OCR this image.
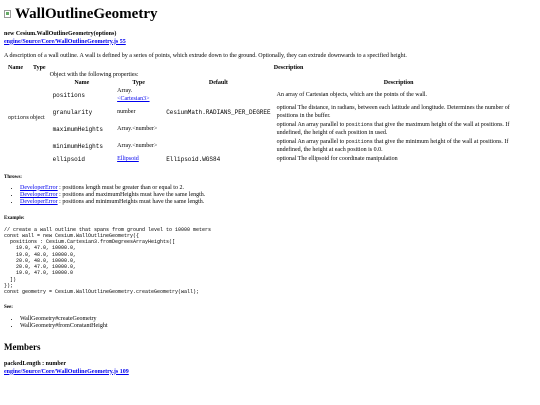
WallOutlineGeometry
new Cesium.WallOutlineGeometry(options)
engine/Source/Core/WallOutlineGeometry.js 55

A description of a wall outline. A wall is defined by a series of points, which extrude down to the ground. Optionally, they can extrude downwards to a specified height.

Name	Type	Description
options	object	
Object with the following properties:
Name	Type	Default	Description
positions	Array.
<Cartesian3>		An array of Cartesian objects, which are the points of the wall.
granularity	number	CesiumMath.RADIANS_PER_DEGREE	optional The distance, in radians, between each latitude and longitude. Determines the number of positions in the buffer.
maximumHeights	Array.<number>		optional An array parallel to positions that give the maximum height of the wall at positions. If undefined, the height of each position in used.
minimumHeights	Array.<number>		optional An array parallel to positions that give the minimum height of the wall at positions. If undefined, the height at each position is 0.0.
ellipsoid	Ellipsoid	Ellipsoid.WGS84	optional The ellipsoid for coordinate manipulation
Throws:
• DeveloperError : positions length must be greater than or equal to 2.
• DeveloperError : positions and maximumHeights must have the same length.
• DeveloperError : positions and minimumHeights must have the same length.
Example:
// create a wall outline that spans from ground level to 10000 meters
const wall = new Cesium.WallOutlineGeometry({
positions : Cesium.Cartesian3.fromDegreesArrayHeights([
19.0, 47.0, 10000.0,
19.0, 48.0, 10000.0,
20.0, 48.0, 10000.0,
20.0, 47.0, 10000.0,
19.0, 47.0, 10000.0
])
});
const geometry = Cesium.WallOutlineGeometry.createGeometry(wall);
See:
• WallGeometry#createGeometry
• WallGeometry#fromConstantHeight
Members
packedLength : number
engine/Source/Core/WallOutlineGeometry.js 109
